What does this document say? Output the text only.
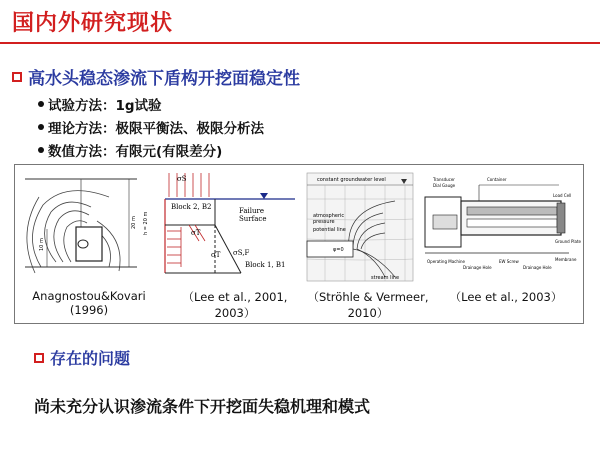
国内外研究现状
高水头稳态渗流下盾构开挖面稳定性
试验方法：1g试验
理论方法：极限平衡法、极限分析法
数值方法：有限元(有限差分)
10 m
20 m h = 20 m
σS
Block 2, B2	Failure
Surface
σT
σT σS,F
Block 1, B1
constant groundwater level
atmospheric
pressure
φ=0
potential line
stream line
Container
Transducer
Dial Gauge
Load Cell
Ground Plate
Membrane
Operating Machine
Drainage Hole
EW Screw
Drainage Hole
Anagnostou&Kovari (1996)
（Lee et al., 2001, 2003）
（Ströhle & Vermeer, 2010）
（Lee et al., 2003）
存在的问题
尚未充分认识渗流条件下开挖面失稳机理和模式
